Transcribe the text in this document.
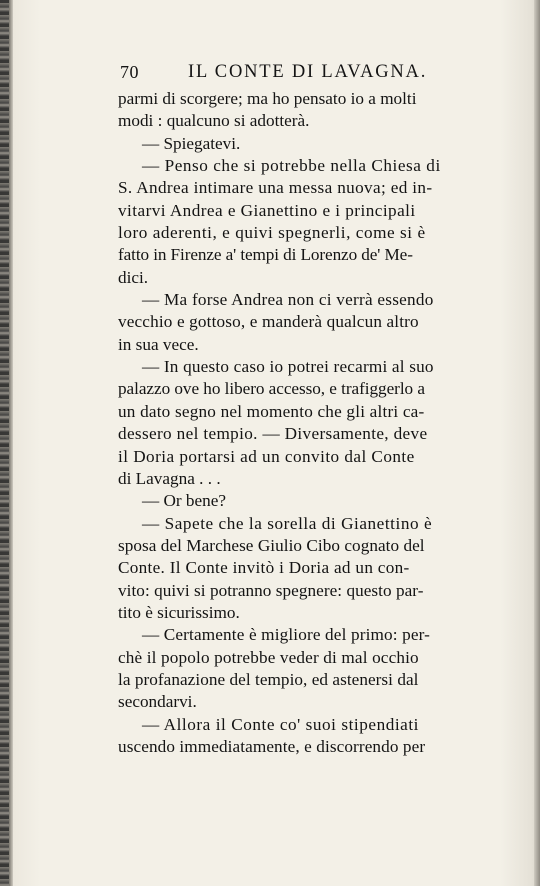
70	IL CONTE DI LAVAGNA.
parmi di scorgere; ma ho pensato io a molti
modi : qualcuno si adotterà.
— Spiegatevi.
— Penso che si potrebbe nella Chiesa di
S. Andrea intimare una messa nuova; ed in-
vitarvi Andrea e Gianettino e i principali
loro aderenti, e quivi spegnerli, come si è
fatto in Firenze a' tempi di Lorenzo de' Me-
dici.
— Ma forse Andrea non ci verrà essendo
vecchio e gottoso, e manderà qualcun altro
in sua vece.
— In questo caso io potrei recarmi al suo
palazzo ove ho libero accesso, e trafiggerlo a
un dato segno nel momento che gli altri ca-
dessero nel tempio. — Diversamente, deve
il Doria portarsi ad un convito dal Conte
di Lavagna . . .
— Or bene?
— Sapete che la sorella di Gianettino è
sposa del Marchese Giulio Cibo cognato del
Conte. Il Conte invitò i Doria ad un con-
vito: quivi si potranno spegnere: questo par-
tito è sicurissimo.
— Certamente è migliore del primo: per-
chè il popolo potrebbe veder di mal occhio
la profanazione del tempio, ed astenersi dal
secondarvi.
— Allora il Conte co' suoi stipendiati
uscendo immediatamente, e discorrendo per
